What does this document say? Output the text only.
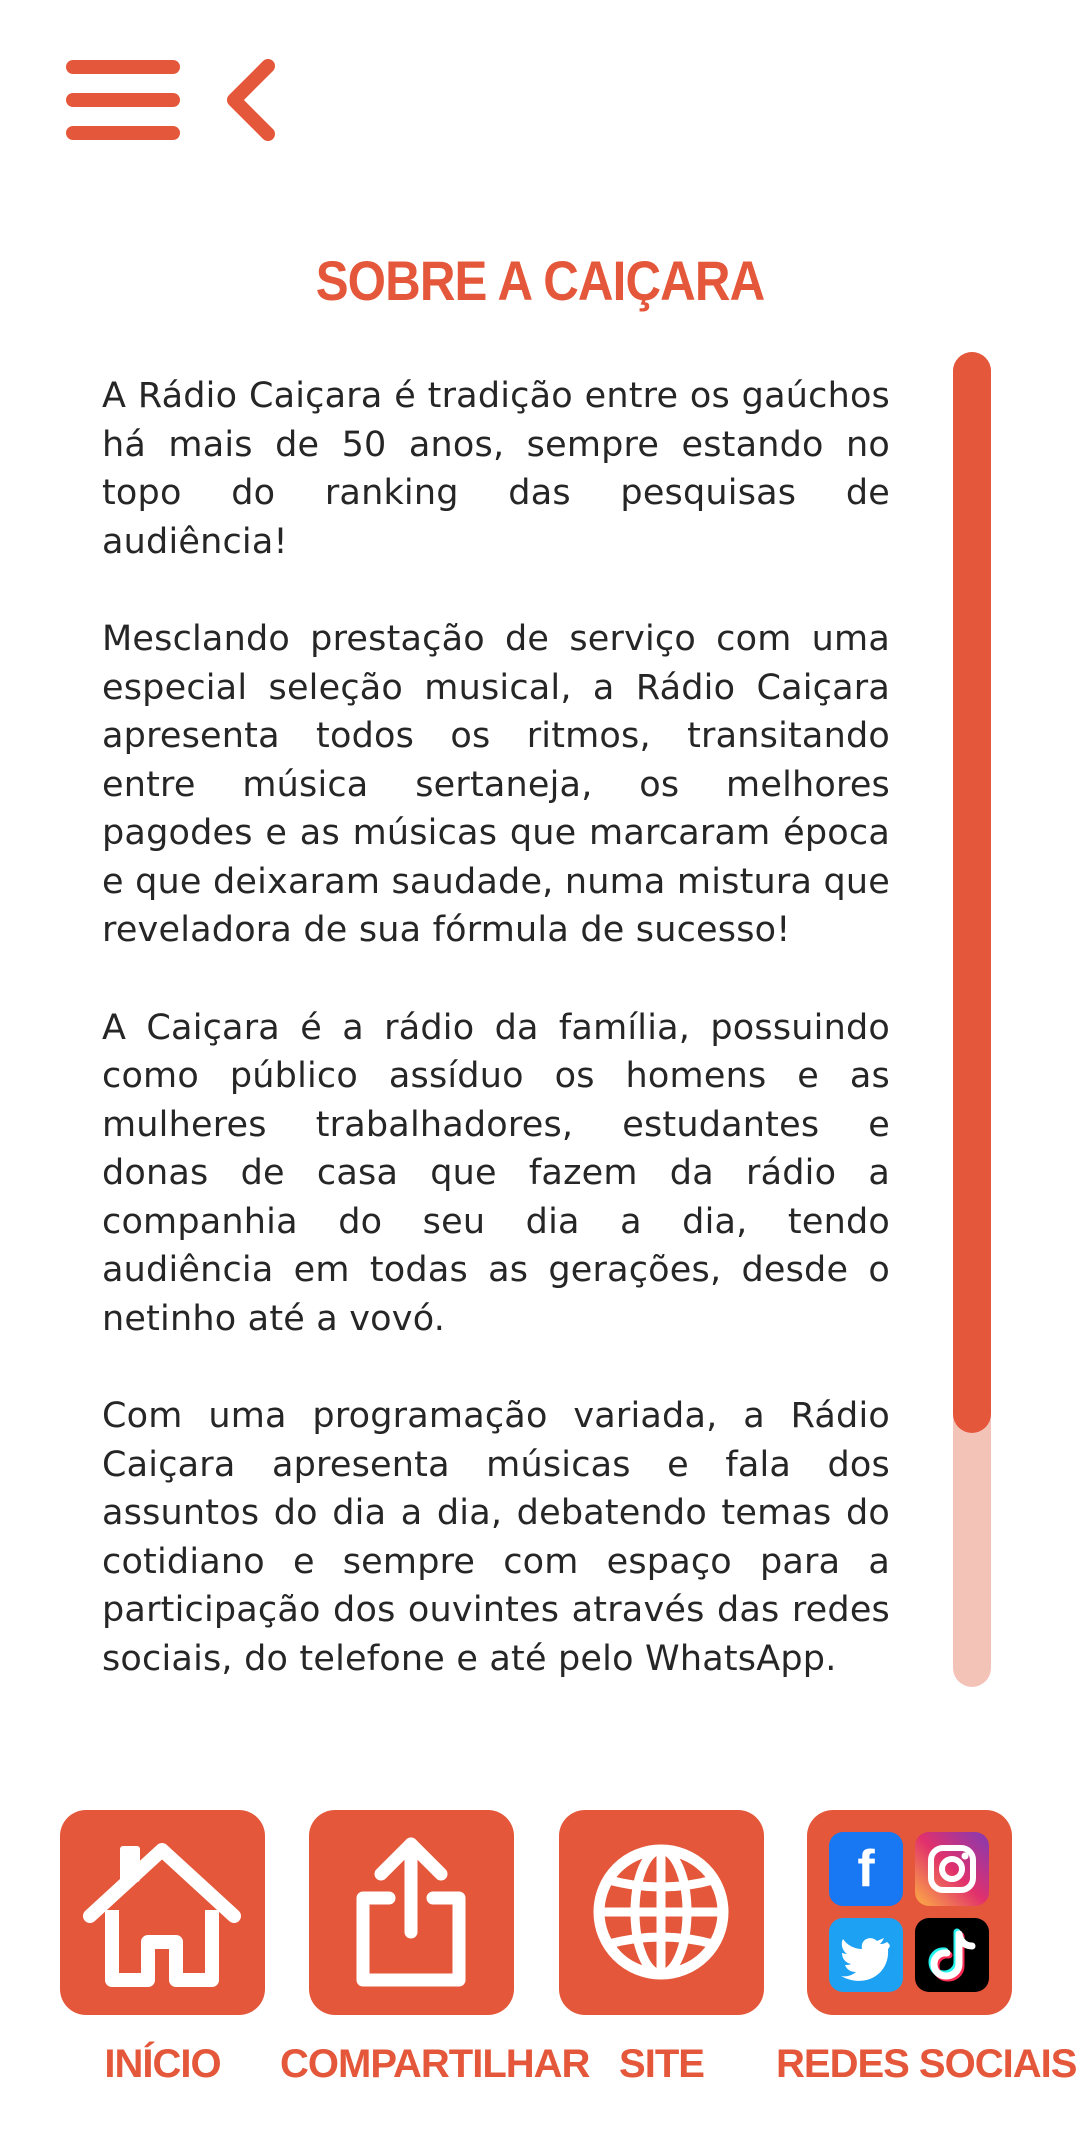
SOBRE A CAIÇARA

A Rádio Caiçara é tradição entre os gaúchos há mais de 50 anos, sempre estando no topo do ranking das pesquisas de audiência!

Mesclando prestação de serviço com uma especial seleção musical, a Rádio Caiçara apresenta todos os ritmos, transitando entre música sertaneja, os melhores pagodes e as músicas que marcaram época e que deixaram saudade, numa mistura que reveladora de sua fórmula de sucesso!

A Caiçara é a rádio da família, possuindo como público assíduo os homens e as mulheres trabalhadores, estudantes e donas de casa que fazem da rádio a companhia do seu dia a dia, tendo audiência em todas as gerações, desde o netinho até a vovó.

Com uma programação variada, a Rádio Caiçara apresenta músicas e fala dos assuntos do dia a dia, debatendo temas do cotidiano e sempre com espaço para a participação dos ouvintes através das redes sociais, do telefone e até pelo WhatsApp.

INÍCIO	COMPARTILHAR SITE
f
REDES SOCIAIS
